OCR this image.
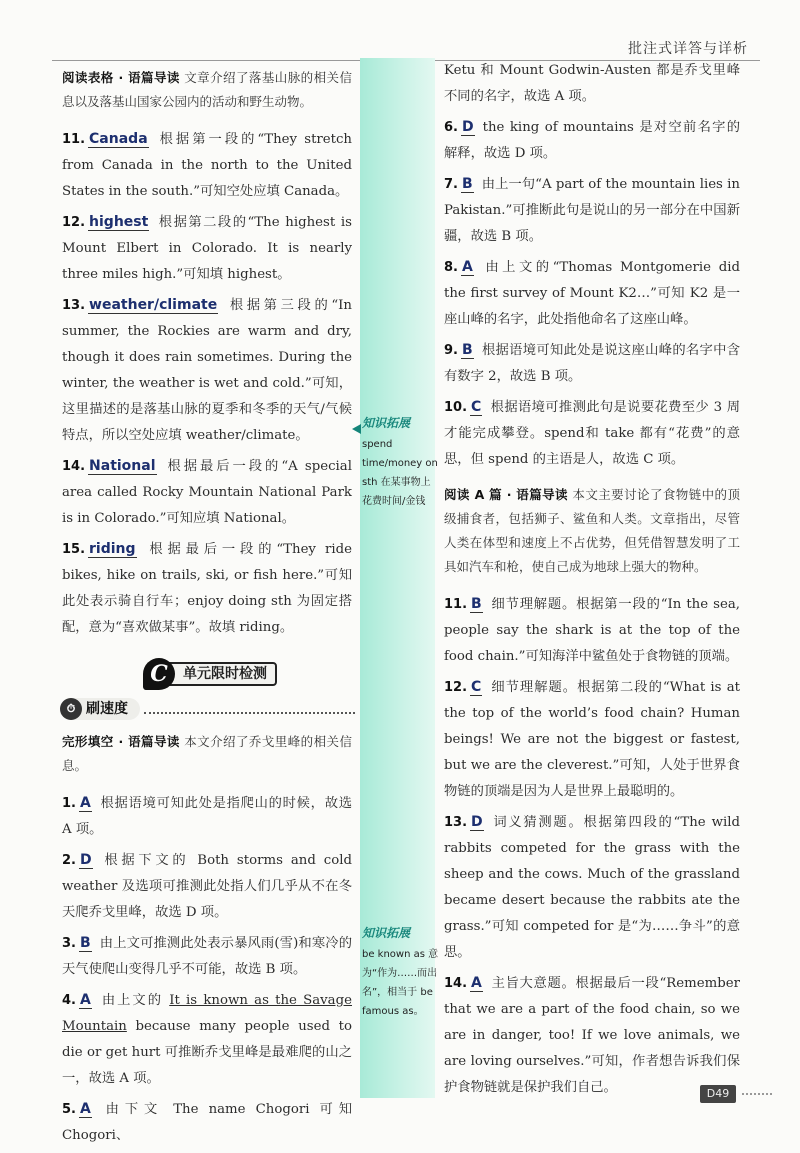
批注式详答与详析

阅读表格 · 语篇导读 文章介绍了落基山脉的相关信息以及落基山国家公园内的活动和野生动物。

11. Canada 根据第一段的“They stretch from Canada in the north to the United States in the south.”可知空处应填 Canada。
12. highest 根据第二段的“The highest is Mount Elbert in Colorado. It is nearly three miles high.”可知填 highest。
13. weather/climate 根据第三段的“In summer, the Rockies are warm and dry, though it does rain sometimes. During the winter, the weather is wet and cold.”可知，这里描述的是落基山脉的夏季和冬季的天气/气候特点，所以空处应填 weather/climate。
14. National 根据最后一段的“A special area called Rocky Mountain National Park is in Colorado.”可知应填 National。
15. riding 根据最后一段的“They ride bikes, hike on trails, ski, or fish here.”可知此处表示骑自行车；enjoy doing sth 为固定搭配，意为“喜欢做某事”。故填 riding。
C	单元限时检测
⏱ 刷速度

完形填空 · 语篇导读 本文介绍了乔戈里峰的相关信息。

1. A 根据语境可知此处是指爬山的时候，故选 A 项。
2. D 根据下文的 Both storms and cold weather 及选项可推测此处指人们几乎从不在冬天爬乔戈里峰，故选 D 项。
3. B 由上文可推测此处表示暴风雨(雪)和寒冷的天气使爬山变得几乎不可能，故选 B 项。
4. A 由上文的 It is known as the Savage Mountain because many people used to die or get hurt 可推断乔戈里峰是最难爬的山之一，故选 A 项。
5. A 由下文 The name Chogori 可知 Chogori、
知识拓展
spend time/money on sth 在某事物上花费时间/金钱
知识拓展
be known as 意为“作为……而出名”，相当于 be famous as。
Ketu 和 Mount Godwin-Austen 都是乔戈里峰不同的名字，故选 A 项。
6. D the king of mountains 是对空前名字的解释，故选 D 项。
7. B 由上一句“A part of the mountain lies in Pakistan.”可推断此句是说山的另一部分在中国新疆，故选 B 项。
8. A 由上文的“Thomas Montgomerie did the first survey of Mount K2…”可知 K2 是一座山峰的名字，此处指他命名了这座山峰。
9. B 根据语境可知此处是说这座山峰的名字中含有数字 2，故选 B 项。
10. C 根据语境可推测此句是说要花费至少 3 周才能完成攀登。spend和 take 都有“花费”的意思，但 spend 的主语是人，故选 C 项。

阅读 A 篇 · 语篇导读 本文主要讨论了食物链中的顶级捕食者，包括狮子、鲨鱼和人类。文章指出，尽管人类在体型和速度上不占优势，但凭借智慧发明了工具如汽车和枪，使自己成为地球上强大的物种。

11. B 细节理解题。根据第一段的“In the sea, people say the shark is at the top of the food chain.”可知海洋中鲨鱼处于食物链的顶端。
12. C 细节理解题。根据第二段的“What is at the top of the world’s food chain? Human beings! We are not the biggest or fastest, but we are the cleverest.”可知，人处于世界食物链的顶端是因为人是世界上最聪明的。
13. D 词义猜测题。根据第四段的“The wild rabbits competed for the grass with the sheep and the cows. Much of the grassland became desert because the rabbits ate the grass.”可知 competed for 是“为……争斗”的意思。
14. A 主旨大意题。根据最后一段“Remember that we are a part of the food chain, so we are in danger, too! If we love animals, we are loving ourselves.”可知，作者想告诉我们保护食物链就是保护我们自己。	D49
